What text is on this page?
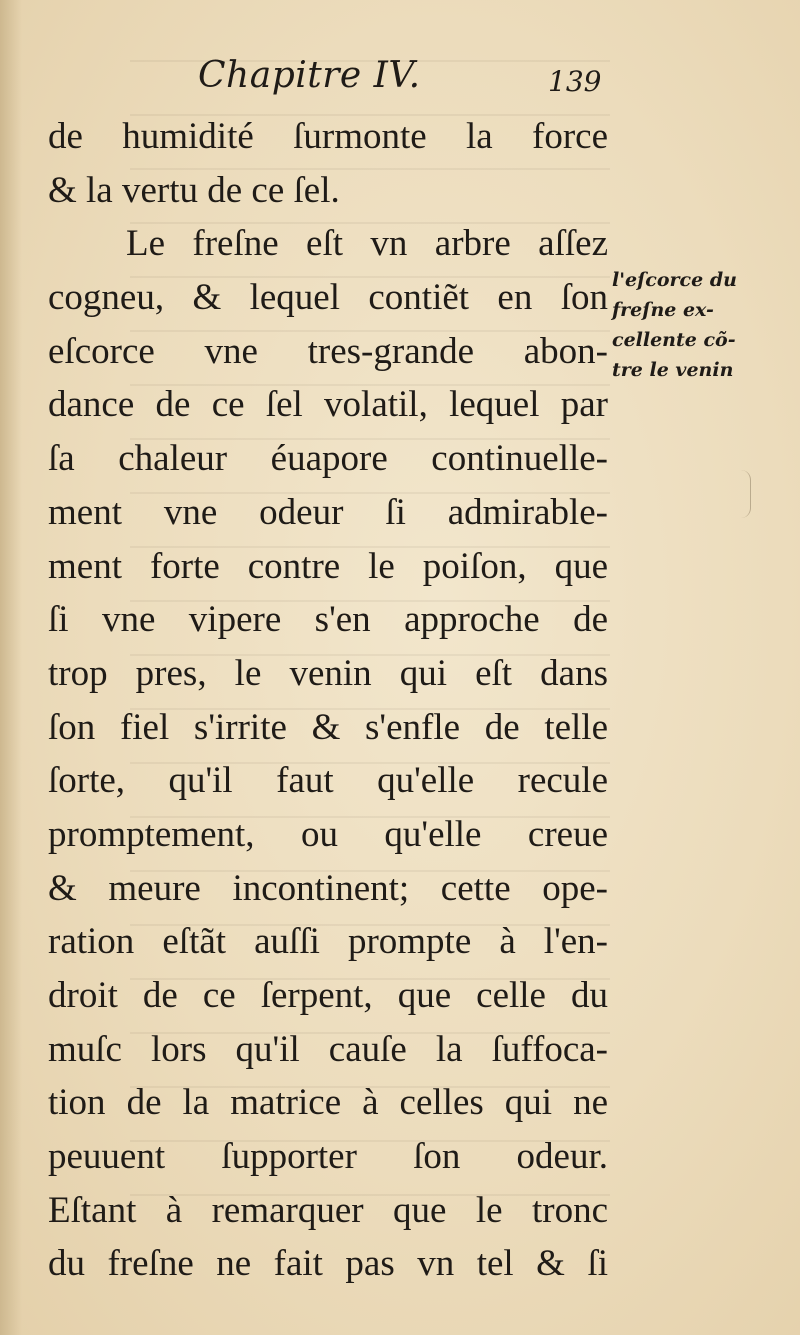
Chapitre IV.	139
de humidité ſurmonte la force
& la vertu de ce ſel.
Le freſne eſt vn arbre aſſez
cogneu, & lequel contiẽt en ſon
eſcorce vne tres-grande abon-
dance de ce ſel volatil, lequel par
ſa chaleur éuapore continuelle-
ment vne odeur ſi admirable-
ment forte contre le poiſon, que
ſi vne vipere s'en approche de
trop pres, le venin qui eſt dans
ſon fiel s'irrite & s'enfle de telle
ſorte, qu'il faut qu'elle recule
promptement, ou qu'elle creue
& meure incontinent; cette ope-
ration eſtãt auſſi prompte à l'en-
droit de ce ſerpent, que celle du
muſc lors qu'il cauſe la ſuffoca-
tion de la matrice à celles qui ne
peuuent ſupporter ſon odeur.
Eſtant à remarquer que le tronc
du freſne ne fait pas vn tel & ſi
l'eſcorce du
freſne ex-
cellente cõ-
tre le venin
